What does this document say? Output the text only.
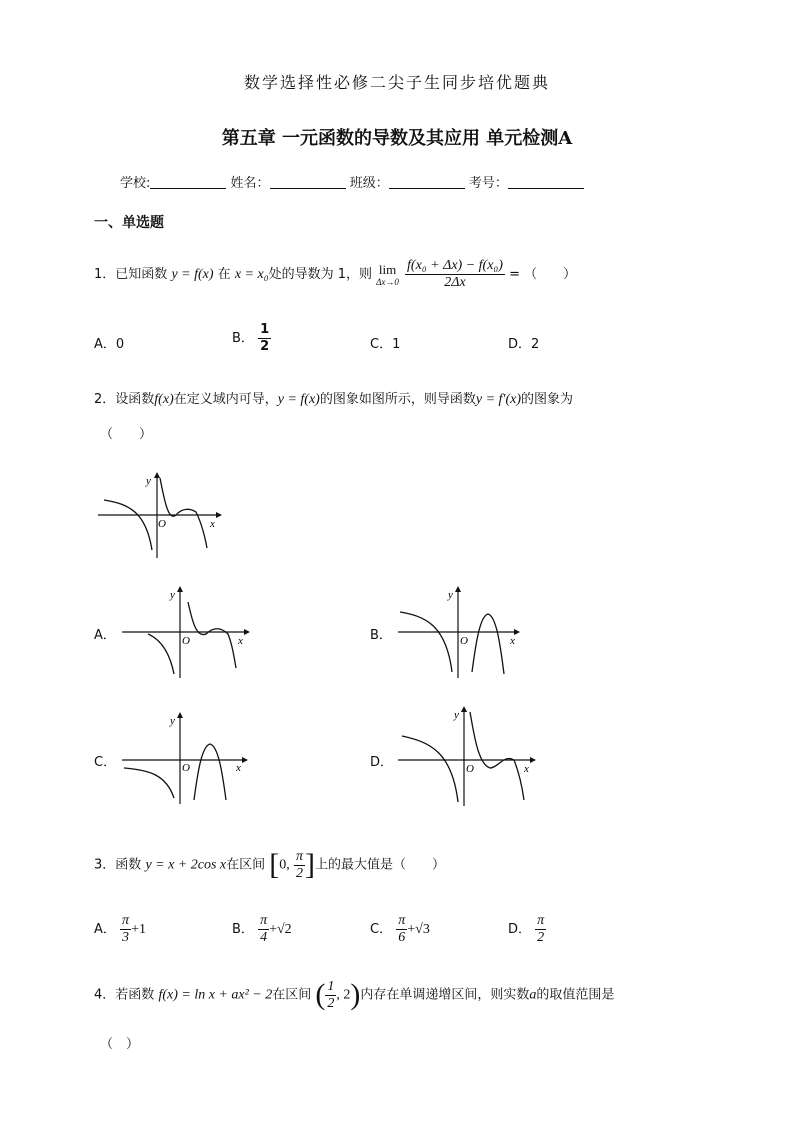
数学选择性必修二尖子生同步培优题典
第五章 一元函数的导数及其应用 单元检测A
学校:	姓名：	班级：	考号：
一、单选题
1．已知函数 y = f(x) 在 x = x₀处的导数为 1，则 lim
Δx→0
$\frac{\text{f(x₀ + Δx) − f(x₀)}}{2\Delta x}$ = （　　）
A．0	B． $\frac{1}{2}$	C．1	D．2
2．设函数f(x)在定义域内可导，y = f(x)的图象如图所示，则导函数y = f′(x)的图象为
（　　）
y
x
O
A．
y
x
O	B．
y
x
O
C．
y
x
O	D．
y
x
O
3．函数 y = x + 2cos x在区间 [0, $\frac{\pi}{2}$ ]上的最大值是（　　）
A． $\frac{\pi}{3} +1$	B． $\frac{\pi}{4} +√2$	C． $\frac{\pi}{6} +√3$	D． $\frac{\pi}{2}$
4．若函数 f(x) = ln x + ax² − 2在区间 ( $\frac{1}{2}$ , 2)内存在单调递增区间，则实数a的取值范围是
（　）
